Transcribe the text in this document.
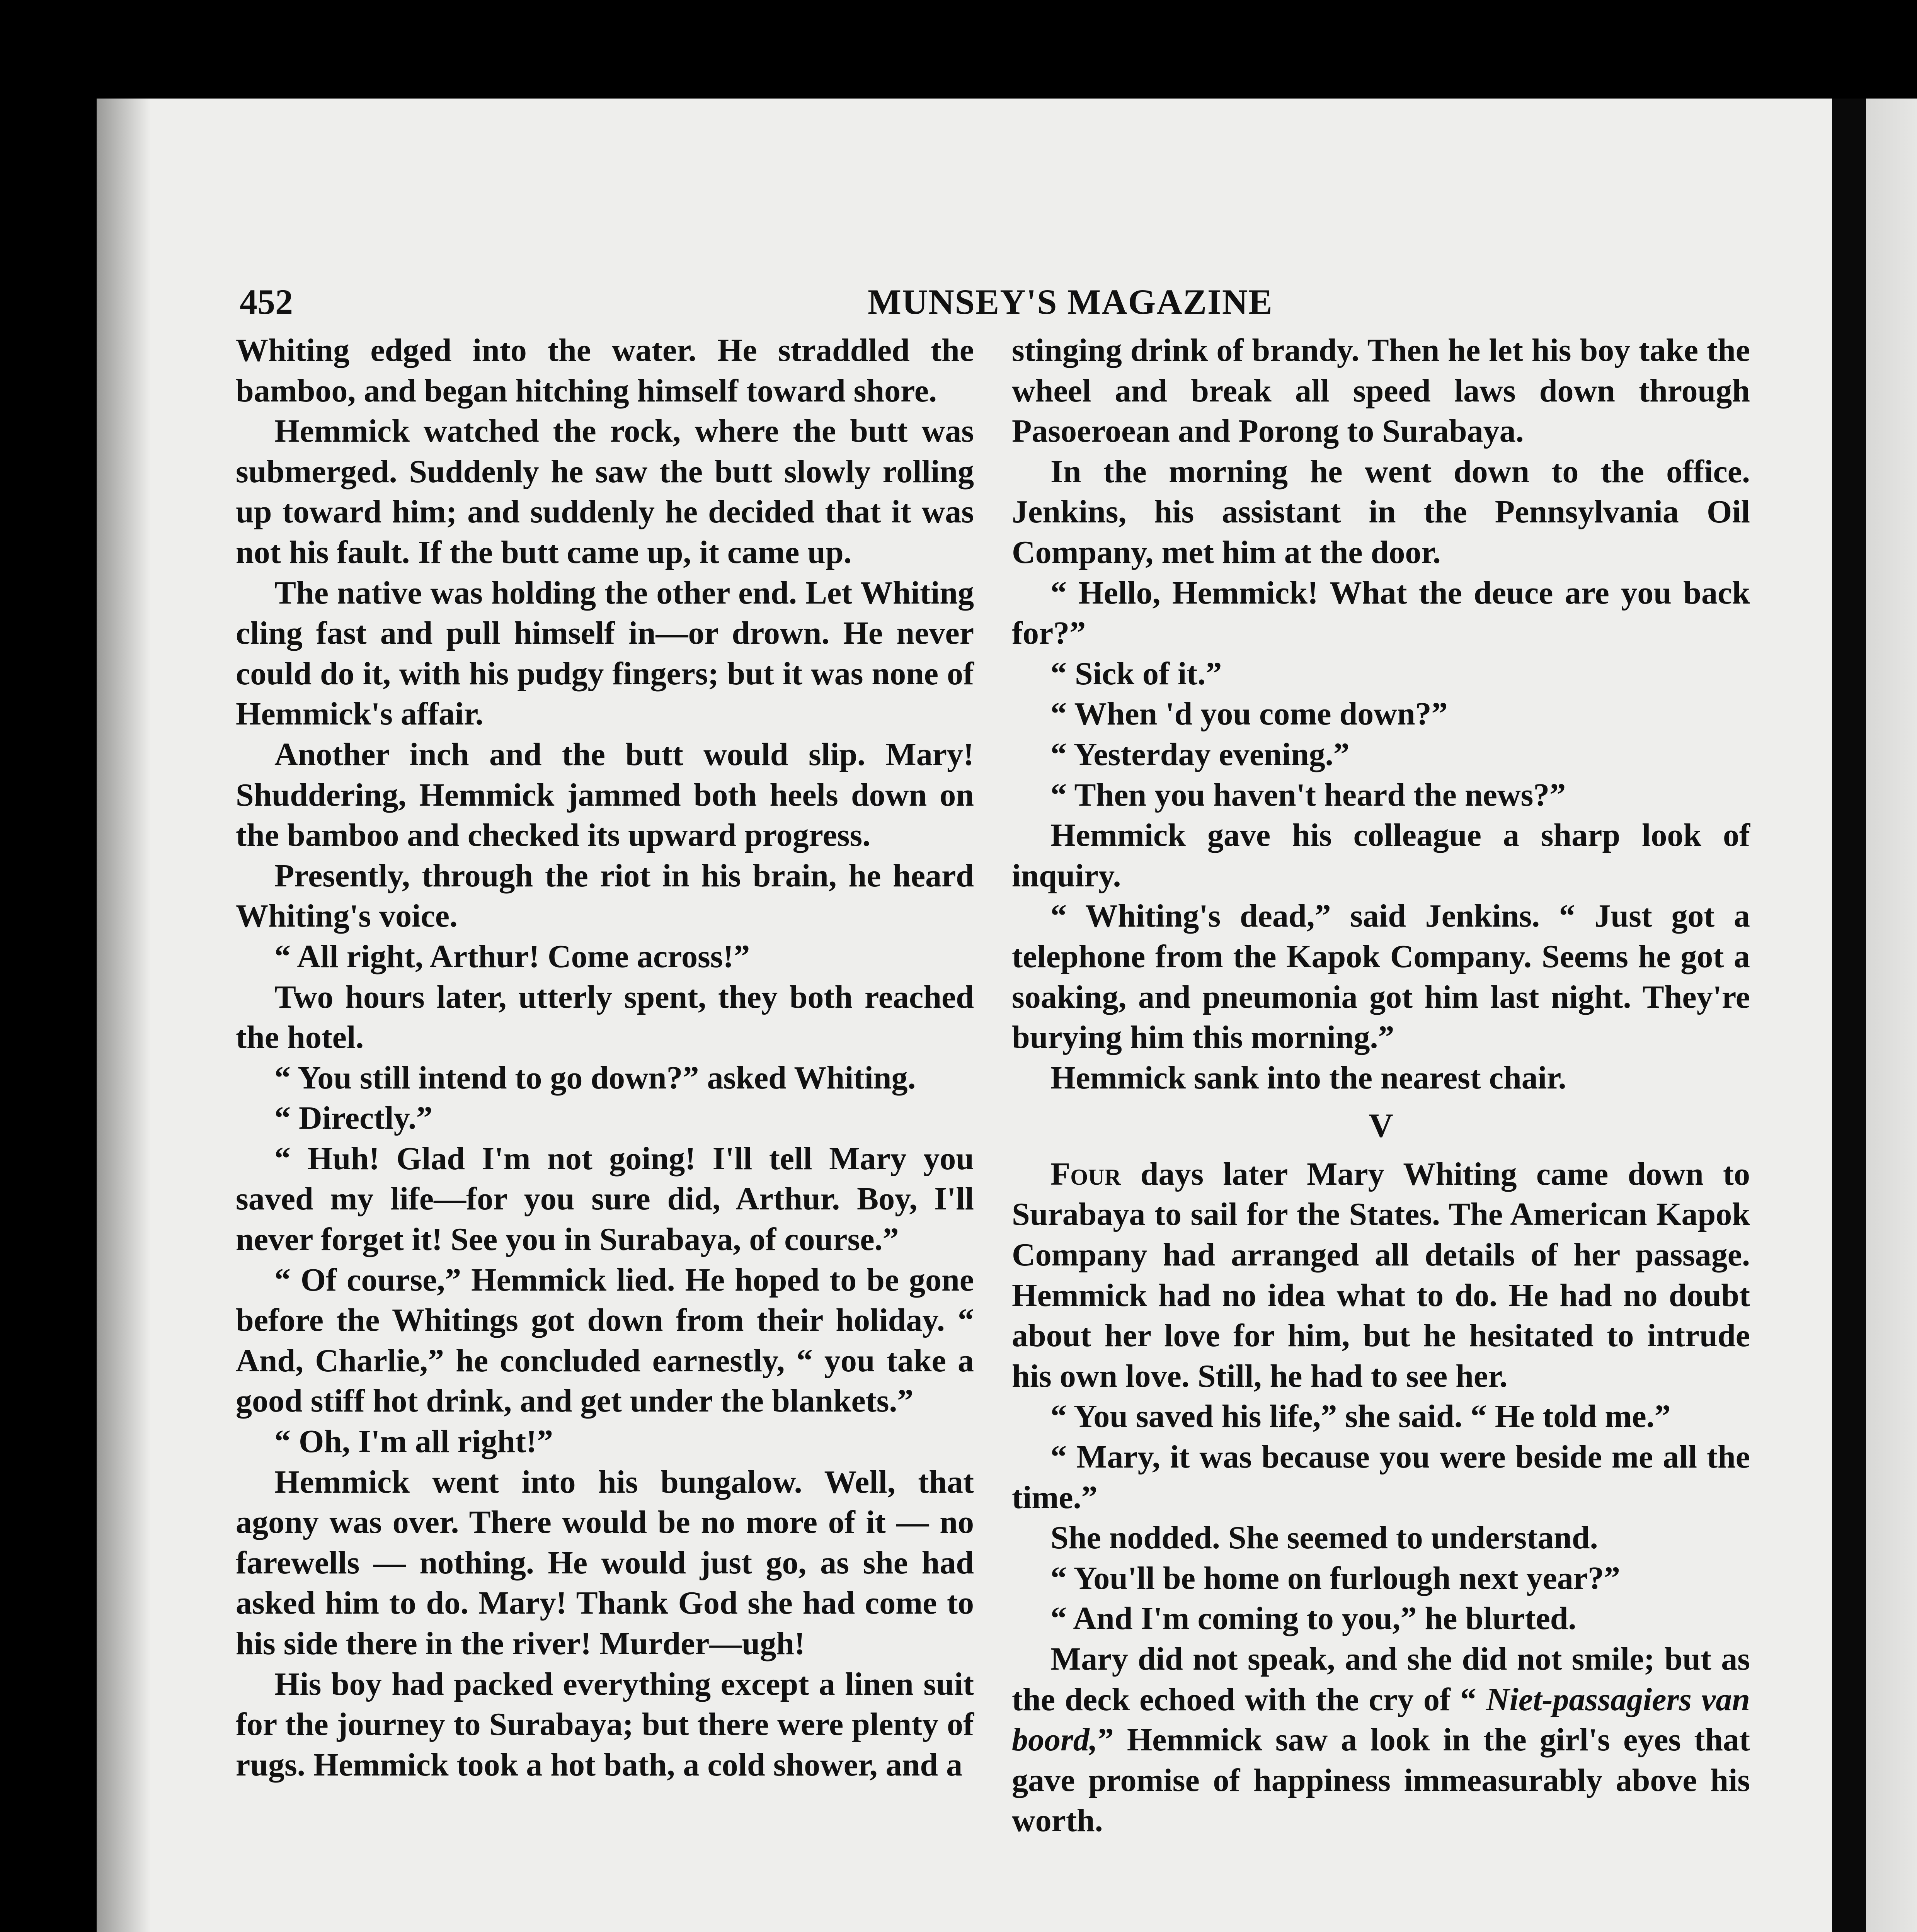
452	MUNSEY'S MAGAZINE

Whiting edged into the water. He straddled the bamboo, and began hitching himself toward shore.

Hemmick watched the rock, where the butt was submerged. Suddenly he saw the butt slowly rolling up toward him; and suddenly he decided that it was not his fault. If the butt came up, it came up.

The native was holding the other end. Let Whiting cling fast and pull himself in—or drown. He never could do it, with his pudgy fingers; but it was none of Hemmick's affair.

Another inch and the butt would slip. Mary! Shuddering, Hemmick jammed both heels down on the bamboo and checked its upward progress.

Presently, through the riot in his brain, he heard Whiting's voice.

“ All right, Arthur! Come across!”

Two hours later, utterly spent, they both reached the hotel.

“ You still intend to go down?” asked Whiting.

“ Directly.”

“ Huh! Glad I'm not going! I'll tell Mary you saved my life—for you sure did, Arthur. Boy, I'll never forget it! See you in Surabaya, of course.”

“ Of course,” Hemmick lied. He hoped to be gone before the Whitings got down from their holiday. “ And, Charlie,” he concluded earnestly, “ you take a good stiff hot drink, and get under the blankets.”

“ Oh, I'm all right!”

Hemmick went into his bungalow. Well, that agony was over. There would be no more of it — no farewells — nothing. He would just go, as she had asked him to do. Mary! Thank God she had come to his side there in the river! Murder—ugh!

His boy had packed everything except a linen suit for the journey to Surabaya; but there were plenty of rugs. Hemmick took a hot bath, a cold shower, and a

stinging drink of brandy. Then he let his boy take the wheel and break all speed laws down through Pasoeroean and Porong to Surabaya.

In the morning he went down to the office. Jenkins, his assistant in the Pennsylvania Oil Company, met him at the door.

“ Hello, Hemmick! What the deuce are you back for?”

“ Sick of it.”

“ When 'd you come down?”

“ Yesterday evening.”

“ Then you haven't heard the news?”

Hemmick gave his colleague a sharp look of inquiry.

“ Whiting's dead,” said Jenkins. “ Just got a telephone from the Kapok Company. Seems he got a soaking, and pneumonia got him last night. They're burying him this morning.”

Hemmick sank into the nearest chair.

V

Four days later Mary Whiting came down to Surabaya to sail for the States. The American Kapok Company had arranged all details of her passage. Hemmick had no idea what to do. He had no doubt about her love for him, but he hesitated to intrude his own love. Still, he had to see her.

“ You saved his life,” she said. “ He told me.”

“ Mary, it was because you were beside me all the time.”

She nodded. She seemed to understand.

“ You'll be home on furlough next year?”

“ And I'm coming to you,” he blurted.

Mary did not speak, and she did not smile; but as the deck echoed with the cry of “ Niet-passagiers van boord,” Hemmick saw a look in the girl's eyes that gave promise of happiness immeasurably above his worth.
